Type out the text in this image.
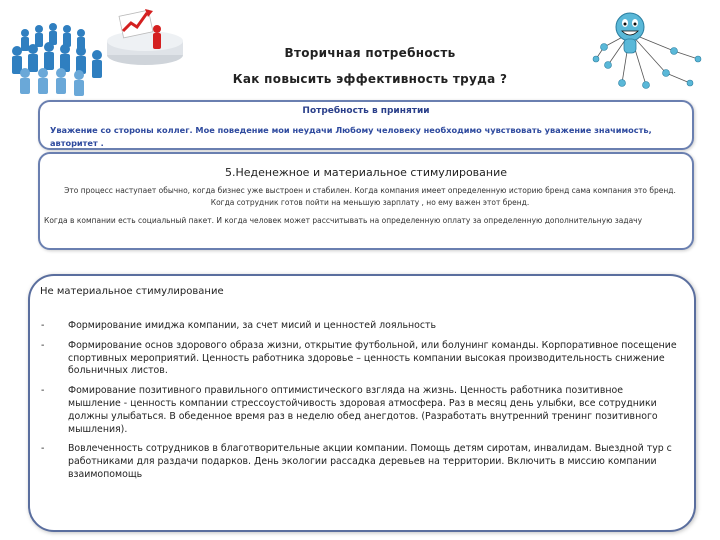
Вторичная потребность
Как повысить эффективность труда ?
Потребность в принятии
Уважение со стороны коллег. Мое поведение мои неудачи Любому человеку необходимо чувствовать уважение значимость, авторитет .
5.Неденежное и материальное стимулирование
Это процесс наступает обычно, когда бизнес уже выстроен и стабилен. Когда компания имеет определенную историю бренд сама компания это бренд. Когда сотрудник готов пойти на меньшую зарплату , но ему важен этот бренд.
Когда в компании есть социальный пакет. И когда человек может рассчитывать на определенную оплату за определенную дополнительную задачу
Не материальное стимулирование
-	Формирование имиджа компании, за счет мисий и ценностей лояльность
-	Формирование основ здорового образа жизни, открытие футбольной, или болунинг команды. Корпоративное посещение спортивных мероприятий. Ценность работника здоровье – ценность компании высокая производительность снижение больничных листов.
-	Фомирование позитивного правильного оптимистического взгляда на жизнь. Ценность работника позитивное мышление - ценность компании стрессоустойчивость здоровая атмосфера. Раз в месяц день улыбки, все сотрудники должны улыбаться. В обеденное время раз в неделю обед анегдотов. (Разработать внутренний тренинг позитивного мышления).
-	Вовлеченность сотрудников в благотворительные акции компании. Помощь детям сиротам, инвалидам. Выездной тур с работниками для раздачи подарков. День экологии рассадка деревьев на территории. Включить в миссию компании взаимопомощь
